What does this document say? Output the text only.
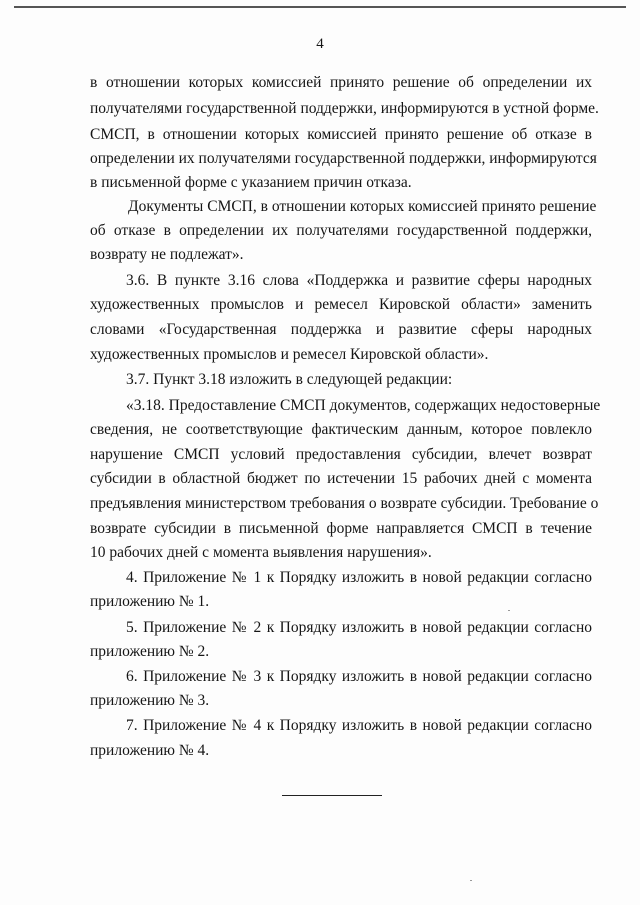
4
в отношении которых комиссией принято решение об определении их
получателями государственной поддержки, информируются в устной форме.
СМСП, в отношении которых комиссией принято решение об отказе в
определении их получателями государственной поддержки, информируются
в письменной форме с указанием причин отказа.
Документы СМСП, в отношении которых комиссией принято решение
об отказе в определении их получателями государственной поддержки,
возврату не подлежат».
3.6. В пункте 3.16 слова «Поддержка и развитие сферы народных
художественных промыслов и ремесел Кировской области» заменить
словами «Государственная поддержка и развитие сферы народных
художественных промыслов и ремесел Кировской области».
3.7. Пункт 3.18 изложить в следующей редакции:
«3.18. Предоставление СМСП документов, содержащих недостоверные
сведения, не соответствующие фактическим данным, которое повлекло
нарушение СМСП условий предоставления субсидии, влечет возврат
субсидии в областной бюджет по истечении 15 рабочих дней с момента
предъявления министерством требования о возврате субсидии. Требование о
возврате субсидии в письменной форме направляется СМСП в течение
10 рабочих дней с момента выявления нарушения».
4. Приложение № 1 к Порядку изложить в новой редакции согласно
приложению № 1.
5. Приложение № 2 к Порядку изложить в новой редакции согласно
приложению № 2.
6. Приложение № 3 к Порядку изложить в новой редакции согласно
приложению № 3.
7. Приложение № 4 к Порядку изложить в новой редакции согласно
приложению № 4.
